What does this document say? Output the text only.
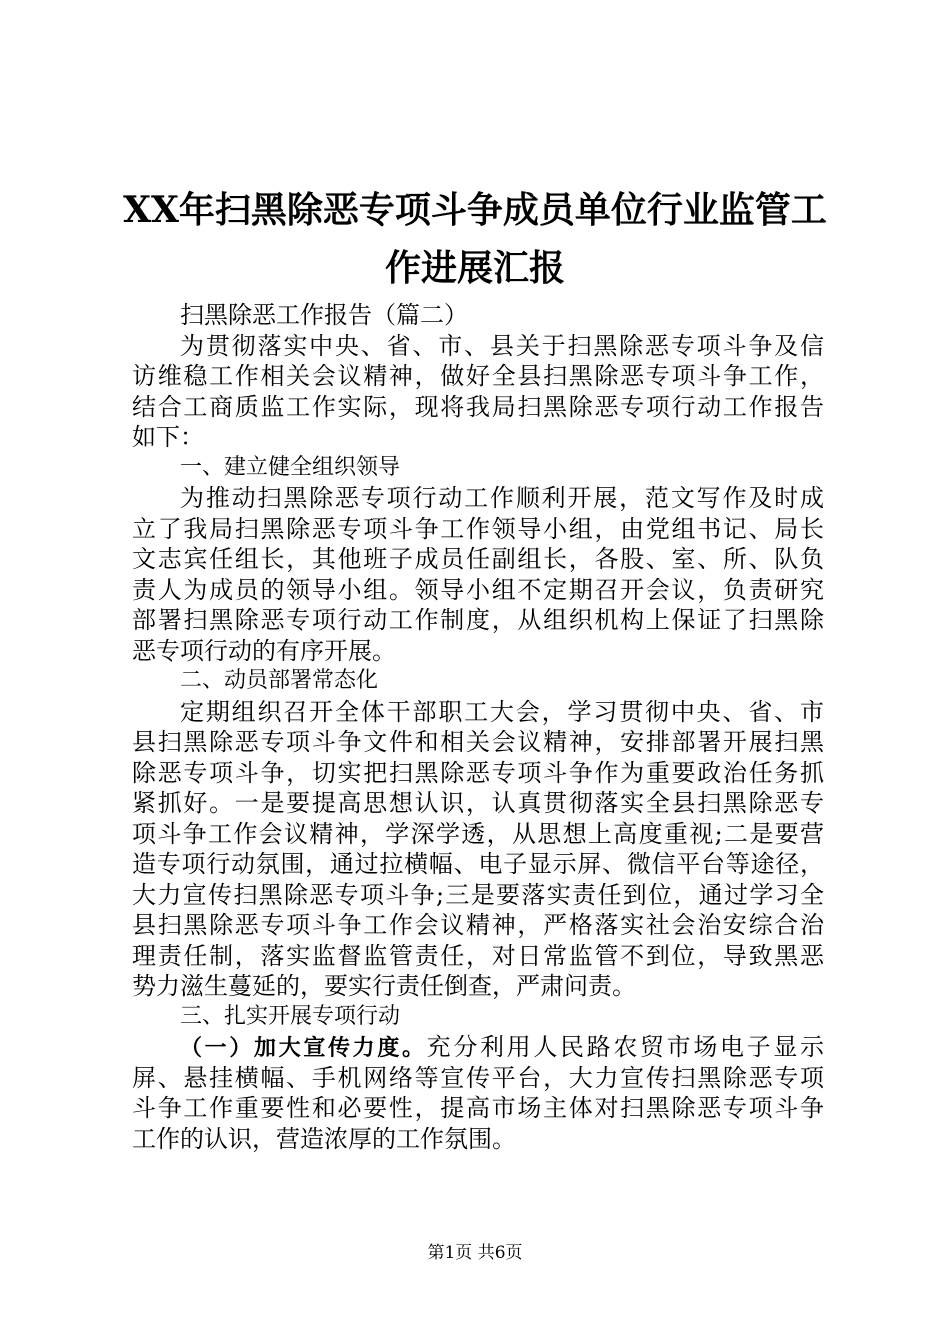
XX年扫黑除恶专项斗争成员单位行业监管工
作进展汇报
扫黑除恶工作报告（篇二）
为贯彻落实中央、省、市、县关于扫黑除恶专项斗争及信
访维稳工作相关会议精神，做好全县扫黑除恶专项斗争工作，
结合工商质监工作实际，现将我局扫黑除恶专项行动工作报告
如下：
一、建立健全组织领导
为推动扫黑除恶专项行动工作顺利开展，范文写作及时成
立了我局扫黑除恶专项斗争工作领导小组，由党组书记、局长
文志宾任组长，其他班子成员任副组长，各股、室、所、队负
责人为成员的领导小组。领导小组不定期召开会议，负责研究
部署扫黑除恶专项行动工作制度，从组织机构上保证了扫黑除
恶专项行动的有序开展。
二、动员部署常态化
定期组织召开全体干部职工大会，学习贯彻中央、省、市
县扫黑除恶专项斗争文件和相关会议精神，安排部署开展扫黑
除恶专项斗争，切实把扫黑除恶专项斗争作为重要政治任务抓
紧抓好。一是要提高思想认识，认真贯彻落实全县扫黑除恶专
项斗争工作会议精神，学深学透，从思想上高度重视;二是要营
造专项行动氛围，通过拉横幅、电子显示屏、微信平台等途径，
大力宣传扫黑除恶专项斗争;三是要落实责任到位，通过学习全
县扫黑除恶专项斗争工作会议精神，严格落实社会治安综合治
理责任制，落实监督监管责任，对日常监管不到位，导致黑恶
势力滋生蔓延的，要实行责任倒查，严肃问责。
三、扎实开展专项行动
（一）加大宣传力度。充分利用人民路农贸市场电子显示
屏、悬挂横幅、手机网络等宣传平台，大力宣传扫黑除恶专项
斗争工作重要性和必要性，提高市场主体对扫黑除恶专项斗争
工作的认识，营造浓厚的工作氛围。
第1页 共6页
